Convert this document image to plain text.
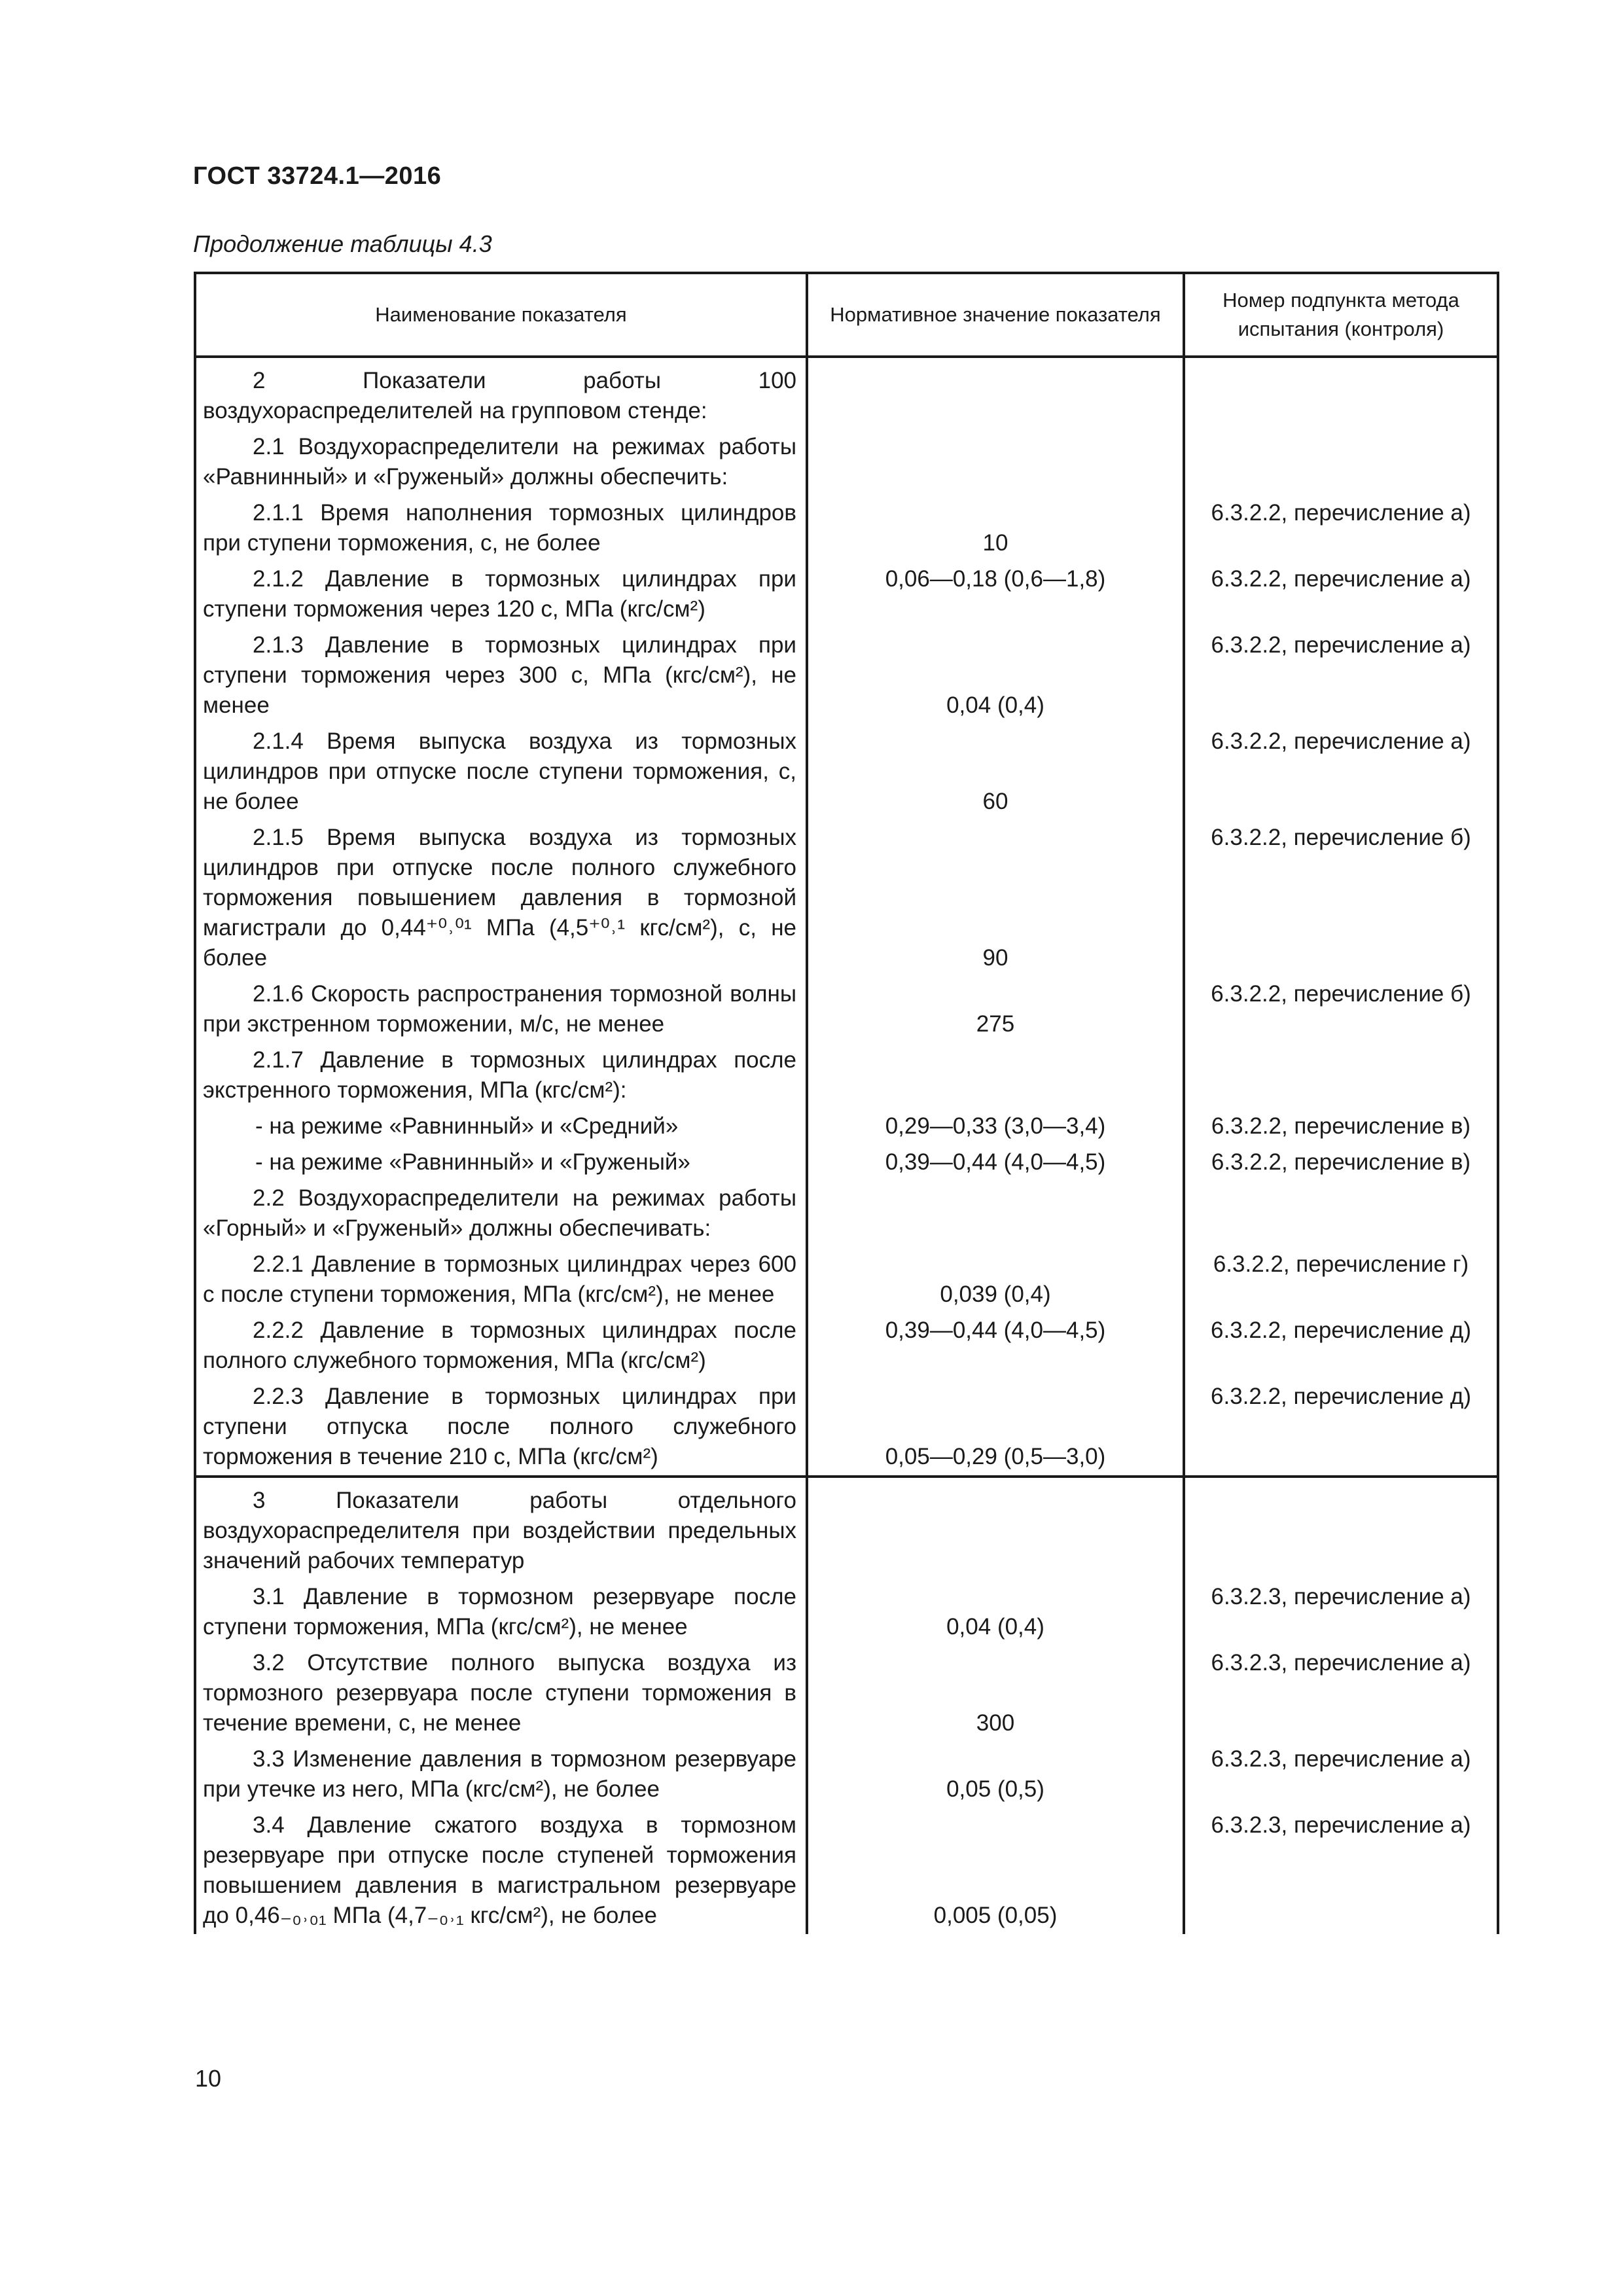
ГОСТ 33724.1—2016
Продолжение таблицы 4.3
Наименование показателя	Нормативное значение показателя	Номер подпункта метода испытания (контроля)

2 Показатели работы 100 воздухораспределителей на групповом стенде:		

2.1 Воздухораспределители на режимах работы «Равнинный» и «Груженый» должны обеспечить:		

2.1.1 Время наполнения тормозных цилиндров при ступени торможения, с, не более	10	6.3.2.2, перечисление а)

2.1.2 Давление в тормозных цилиндрах при ступени торможения через 120 с, МПа (кгс/см²)	0,06—0,18 (0,6—1,8)	6.3.2.2, перечисление а)

2.1.3 Давление в тормозных цилиндрах при ступени торможения через 300 с, МПа (кгс/см²), не менее	0,04 (0,4)	6.3.2.2, перечисление а)

2.1.4 Время выпуска воздуха из тормозных цилиндров при отпуске после ступени торможения, с, не более	60	6.3.2.2, перечисление а)

2.1.5 Время выпуска воздуха из тормозных цилиндров при отпуске после полного служебного торможения повышением давления в тормозной магистрали до 0,44⁺⁰˒⁰¹ МПа (4,5⁺⁰˒¹ кгс/см²), с, не более	90	6.3.2.2, перечисление б)

2.1.6 Скорость распространения тормозной волны при экстренном торможении, м/с, не менее	275	6.3.2.2, перечисление б)

2.1.7 Давление в тормозных цилиндрах после экстренного торможения, МПа (кгс/см²):		

- на режиме «Равнинный» и «Средний»	0,29—0,33 (3,0—3,4)	6.3.2.2, перечисление в)

- на режиме «Равнинный» и «Груженый»	0,39—0,44 (4,0—4,5)	6.3.2.2, перечисление в)

2.2 Воздухораспределители на режимах работы «Горный» и «Груженый» должны обеспечивать:		

2.2.1 Давление в тормозных цилиндрах через 600 с после ступени торможения, МПа (кгс/см²), не менее	0,039 (0,4)	6.3.2.2, перечисление г)

2.2.2 Давление в тормозных цилиндрах после полного служебного торможения, МПа (кгс/см²)	0,39—0,44 (4,0—4,5)	6.3.2.2, перечисление д)

2.2.3 Давление в тормозных цилиндрах при ступени отпуска после полного служебного торможения в течение 210 с, МПа (кгс/см²)	0,05—0,29 (0,5—3,0)	6.3.2.2, перечисление д)

3 Показатели работы отдельного воздухораспределителя при воздействии предельных значений рабочих температур		

3.1 Давление в тормозном резервуаре после ступени торможения, МПа (кгс/см²), не менее	0,04 (0,4)	6.3.2.3, перечисление а)

3.2 Отсутствие полного выпуска воздуха из тормозного резервуара после ступени торможения в течение времени, с, не менее	300	6.3.2.3, перечисление а)

3.3 Изменение давления в тормозном резервуаре при утечке из него, МПа (кгс/см²), не более	0,05 (0,5)	6.3.2.3, перечисление а)

3.4 Давление сжатого воздуха в тормозном резервуаре при отпуске после ступеней торможения повышением давления в магистральном резервуаре до 0,46₋₀˒₀₁ МПа (4,7₋₀˒₁ кгс/см²), не более	0,005 (0,05)	6.3.2.3, перечисление а)
10
